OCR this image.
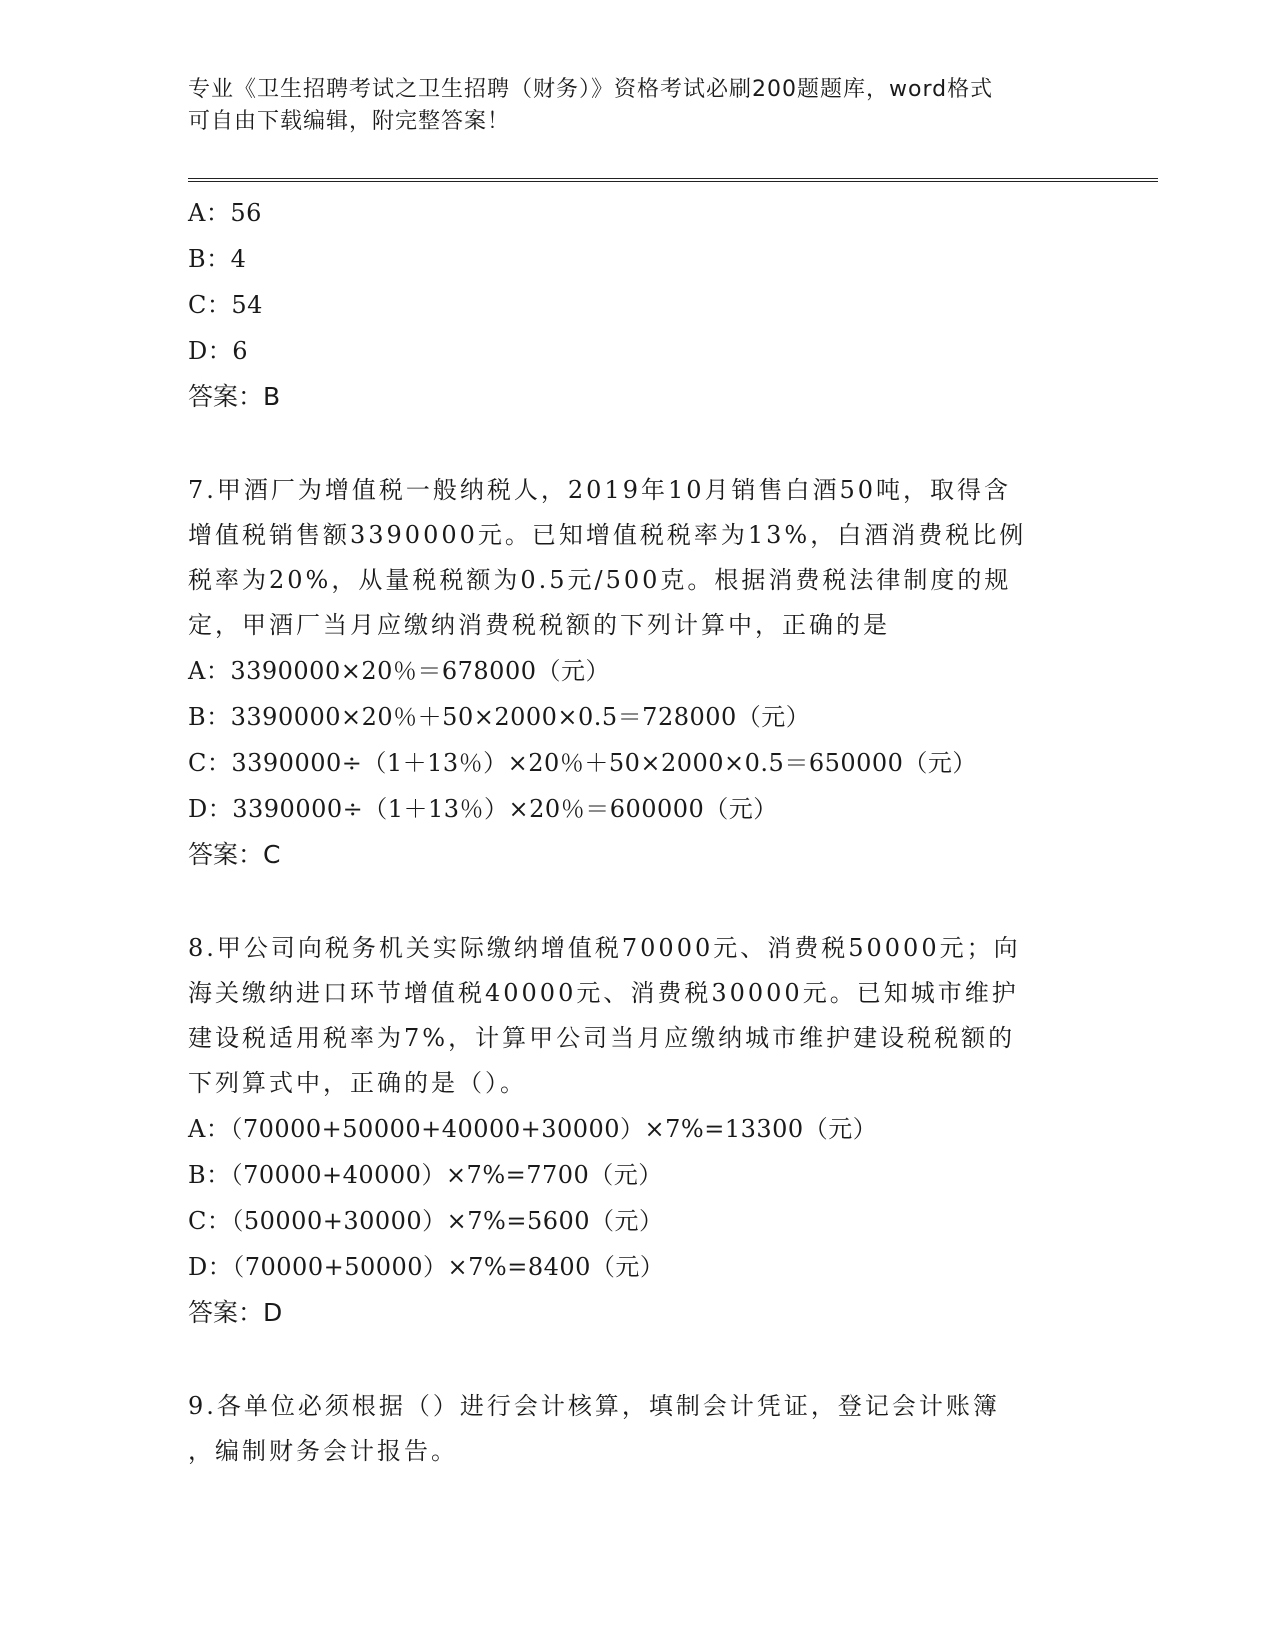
专业《卫生招聘考试之卫生招聘（财务）》资格考试必刷200题题库，word格式
可自由下载编辑，附完整答案！
A：56
B：4
C：54
D：6
答案：B
7.甲酒厂为增值税一般纳税人，2019年10月销售白酒50吨，取得含
增值税销售额3390000元。已知增值税税率为13%，白酒消费税比例
税率为20%，从量税税额为0.5元/500克。根据消费税法律制度的规
定，甲酒厂当月应缴纳消费税税额的下列计算中，正确的是
A：3390000×20％＝678000（元）
B：3390000×20％＋50×2000×0.5＝728000（元）
C：3390000÷（1＋13％）×20％＋50×2000×0.5＝650000（元）
D：3390000÷（1＋13％）×20％＝600000（元）
答案：C
8.甲公司向税务机关实际缴纳增值税70000元、消费税50000元；向
海关缴纳进口环节增值税40000元、消费税30000元。已知城市维护
建设税适用税率为7%，计算甲公司当月应缴纳城市维护建设税税额的
下列算式中，正确的是（）。
A：（70000+50000+40000+30000）×7%=13300（元）
B：（70000+40000）×7%=7700（元）
C：（50000+30000）×7%=5600（元）
D：（70000+50000）×7%=8400（元）
答案：D
9.各单位必须根据（）进行会计核算，填制会计凭证，登记会计账簿
，编制财务会计报告。
